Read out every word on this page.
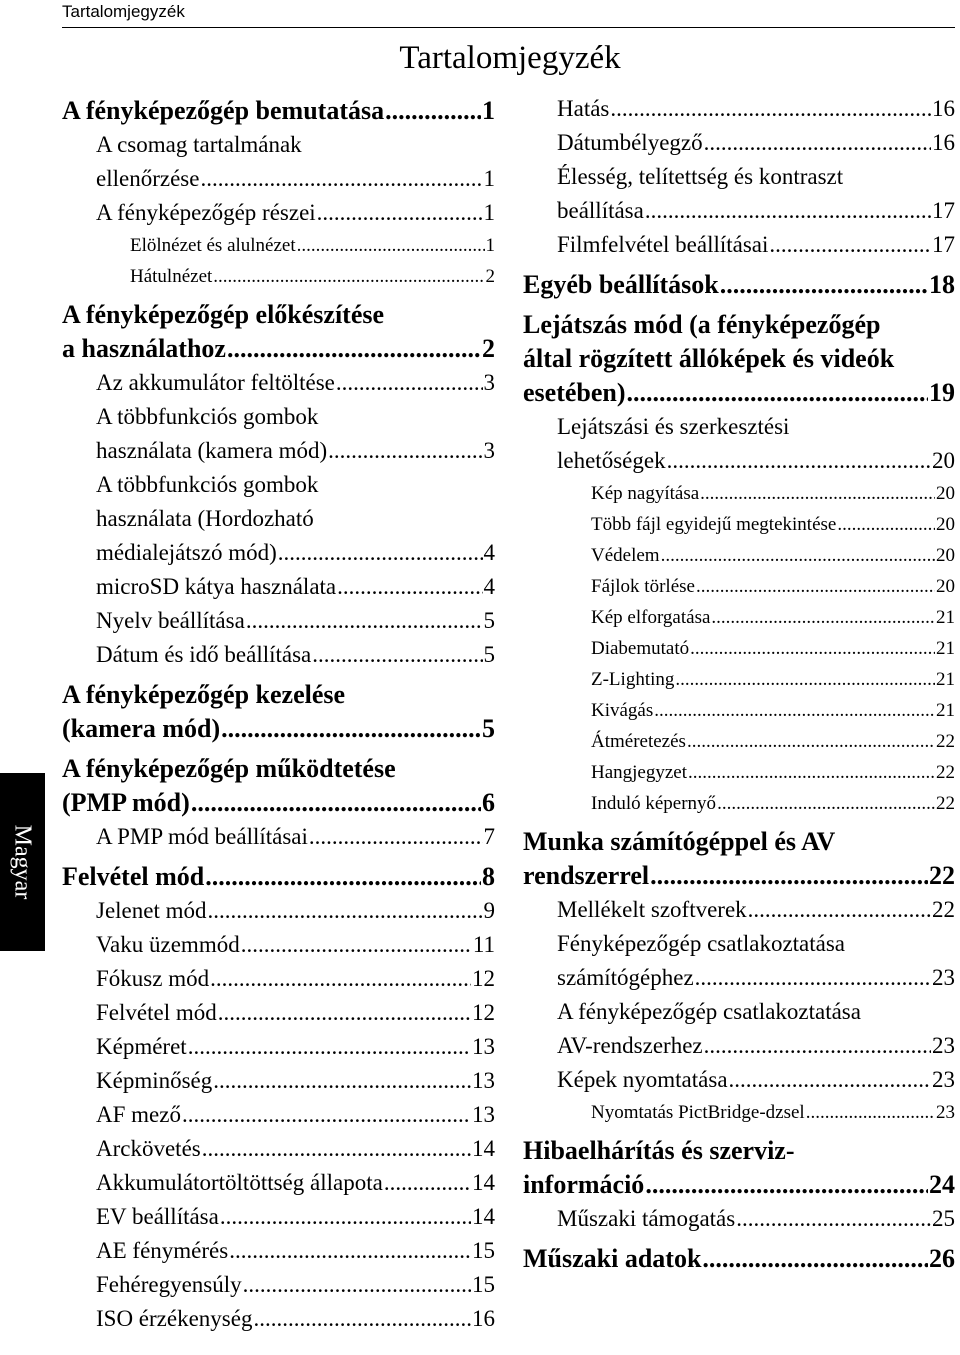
Tartalomjegyzék
Tartalomjegyzék
Magyar
A fényképezőgép bemutatása .....	1
A csomag tartalmának
ellenőrzése .....	1
A fényképezőgép részei .....	1
Elölnézet és alulnézet .....	1
Hátulnézet .....	2
A fényképezőgép előkészítése
a használathoz .....	2
Az akkumulátor feltöltése .....	3
A többfunkciós gombok
használata (kamera mód) .....	3
A többfunkciós gombok
használata (Hordozható
médialejátszó mód) .....	4
microSD kátya használata .....	4
Nyelv beállítása .....	5
Dátum és idő beállítása .....	5
A fényképezőgép kezelése
(kamera mód) .....	5
A fényképezőgép működtetése
(PMP mód) .....	6
A PMP mód beállításai .....	7
Felvétel mód .....	8
Jelenet mód .....	9
Vaku üzemmód .....	11
Fókusz mód .....	12
Felvétel mód .....	12
Képméret .....	13
Képminőség .....	13
AF mező .....	13
Arckövetés .....	14
Akkumulátortöltöttség állapota .....	14
EV beállítása .....	14
AE fénymérés .....	15
Fehéregyensúly .....	15
ISO érzékenység .....	16
Hatás .....	16
Dátumbélyegző .....	16
Élesség, telítettség és kontraszt
beállítása .....	17
Filmfelvétel beállításai .....	17
Egyéb beállítások .....	18
Lejátszás mód (a fényképezőgép
által rögzített állóképek és videók
esetében) .....	19
Lejátszási és szerkesztési
lehetőségek .....	20
Kép nagyítása .....	20
Több fájl egyidejű megtekintése .....	20
Védelem .....	20
Fájlok törlése .....	20
Kép elforgatása .....	21
Diabemutató .....	21
Z-Lighting .....	21
Kivágás .....	21
Átméretezés .....	22
Hangjegyzet .....	22
Induló képernyő .....	22
Munka számítógéppel és AV
rendszerrel .....	22
Mellékelt szoftverek .....	22
Fényképezőgép csatlakoztatása
számítógéphez .....	23
A fényképezőgép csatlakoztatása
AV-rendszerhez .....	23
Képek nyomtatása .....	23
Nyomtatás PictBridge-dzsel .....	23
Hibaelhárítás és szerviz-
információ .....	24
Műszaki támogatás .....	25
Műszaki adatok .....	26
